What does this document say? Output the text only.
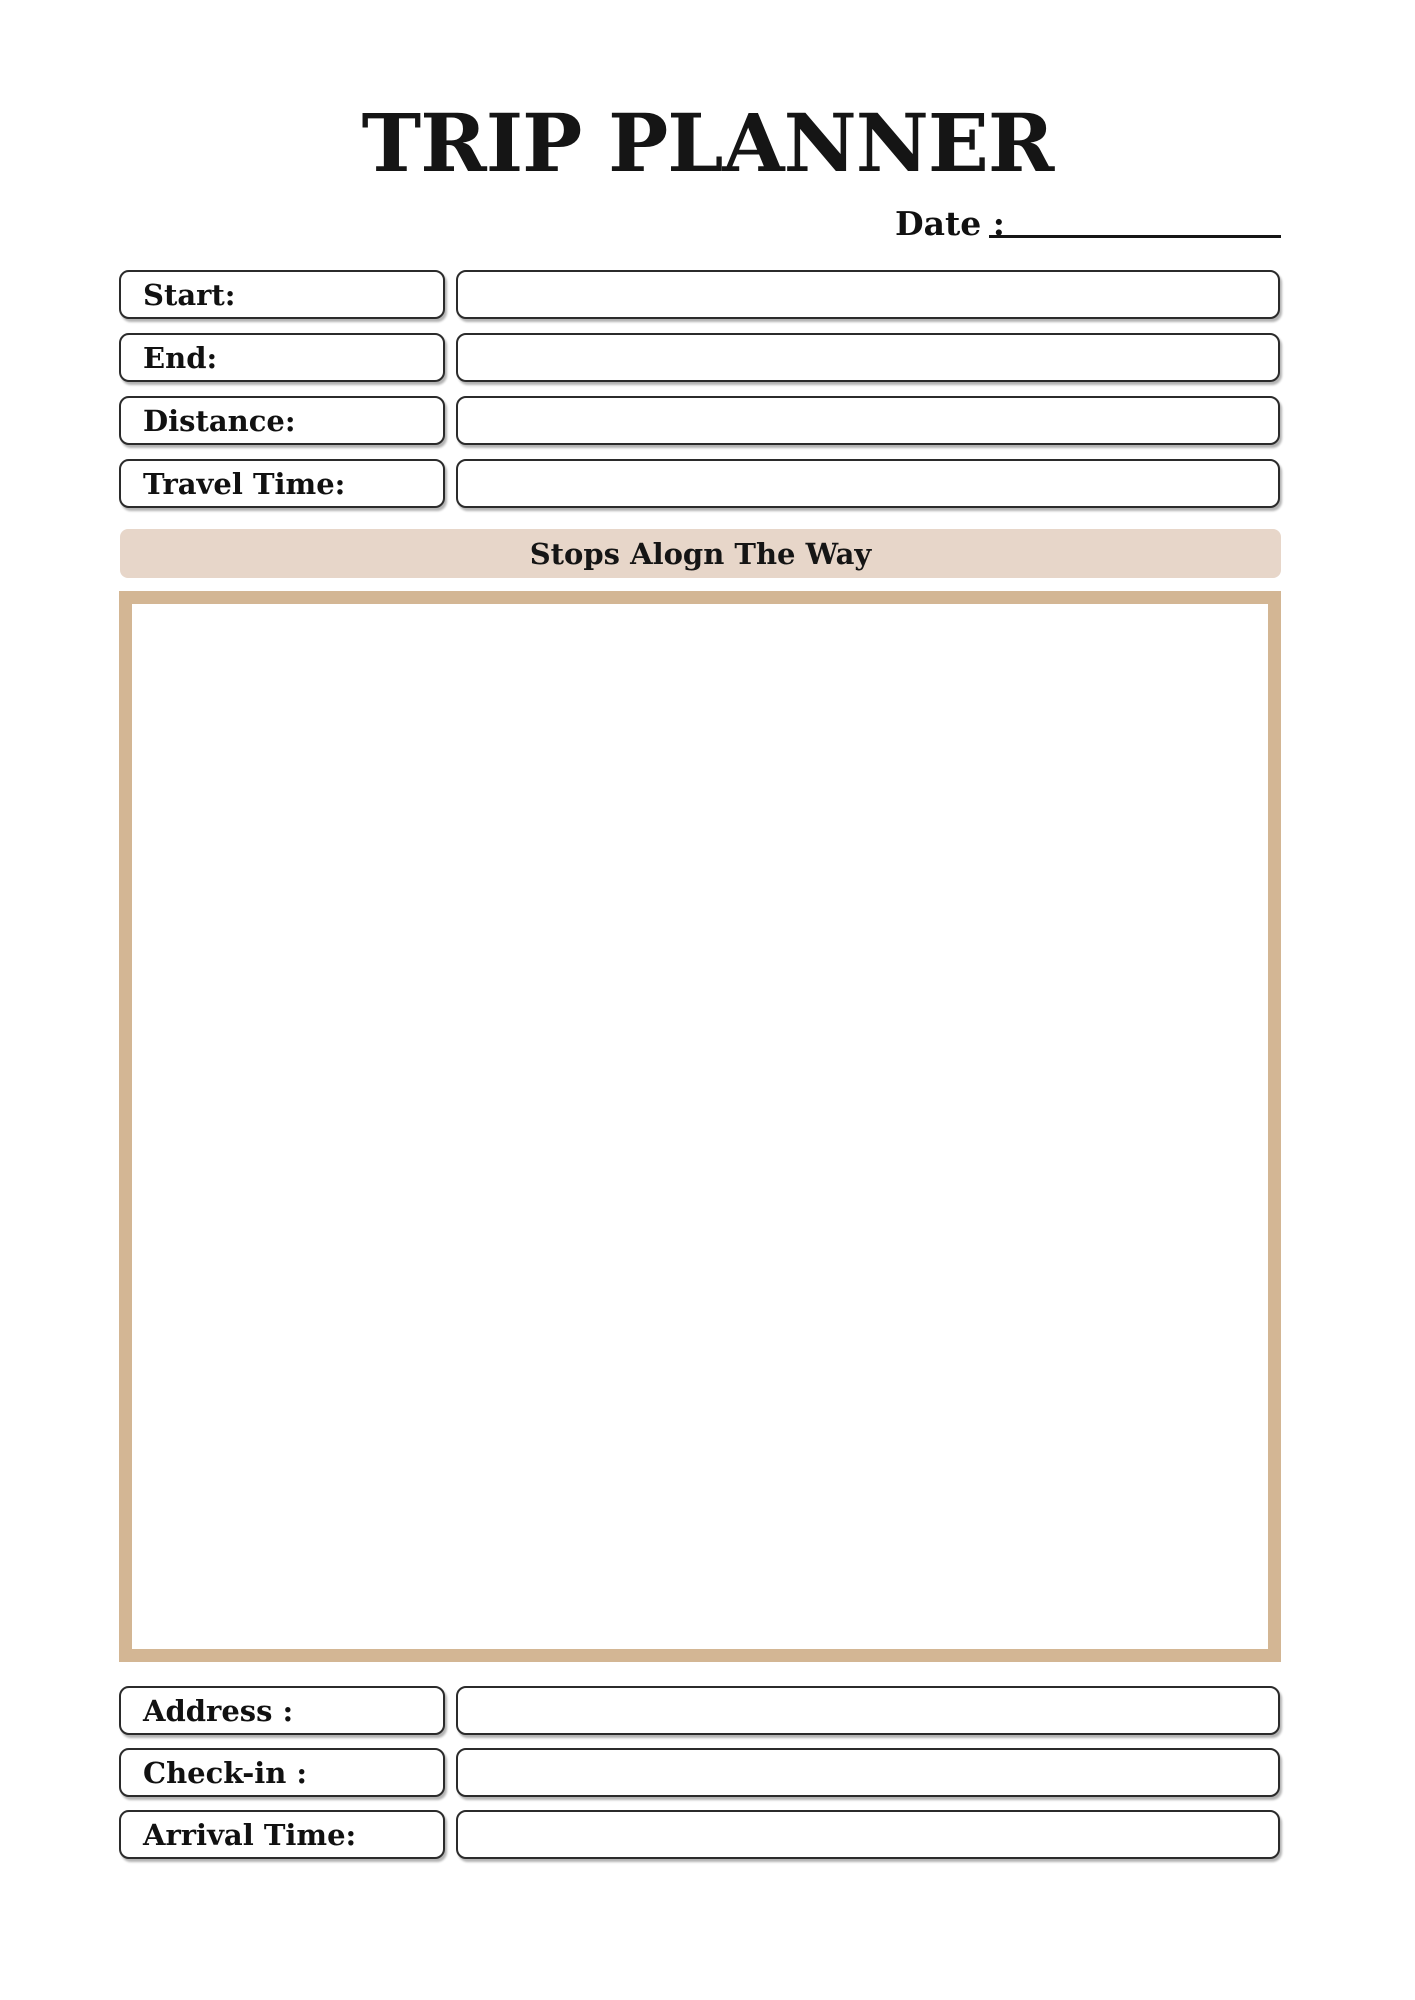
TRIP PLANNER
Date :
Start:
End:
Distance:
Travel Time:
Stops Alogn The Way
Address :
Check-in :
Arrival Time:
